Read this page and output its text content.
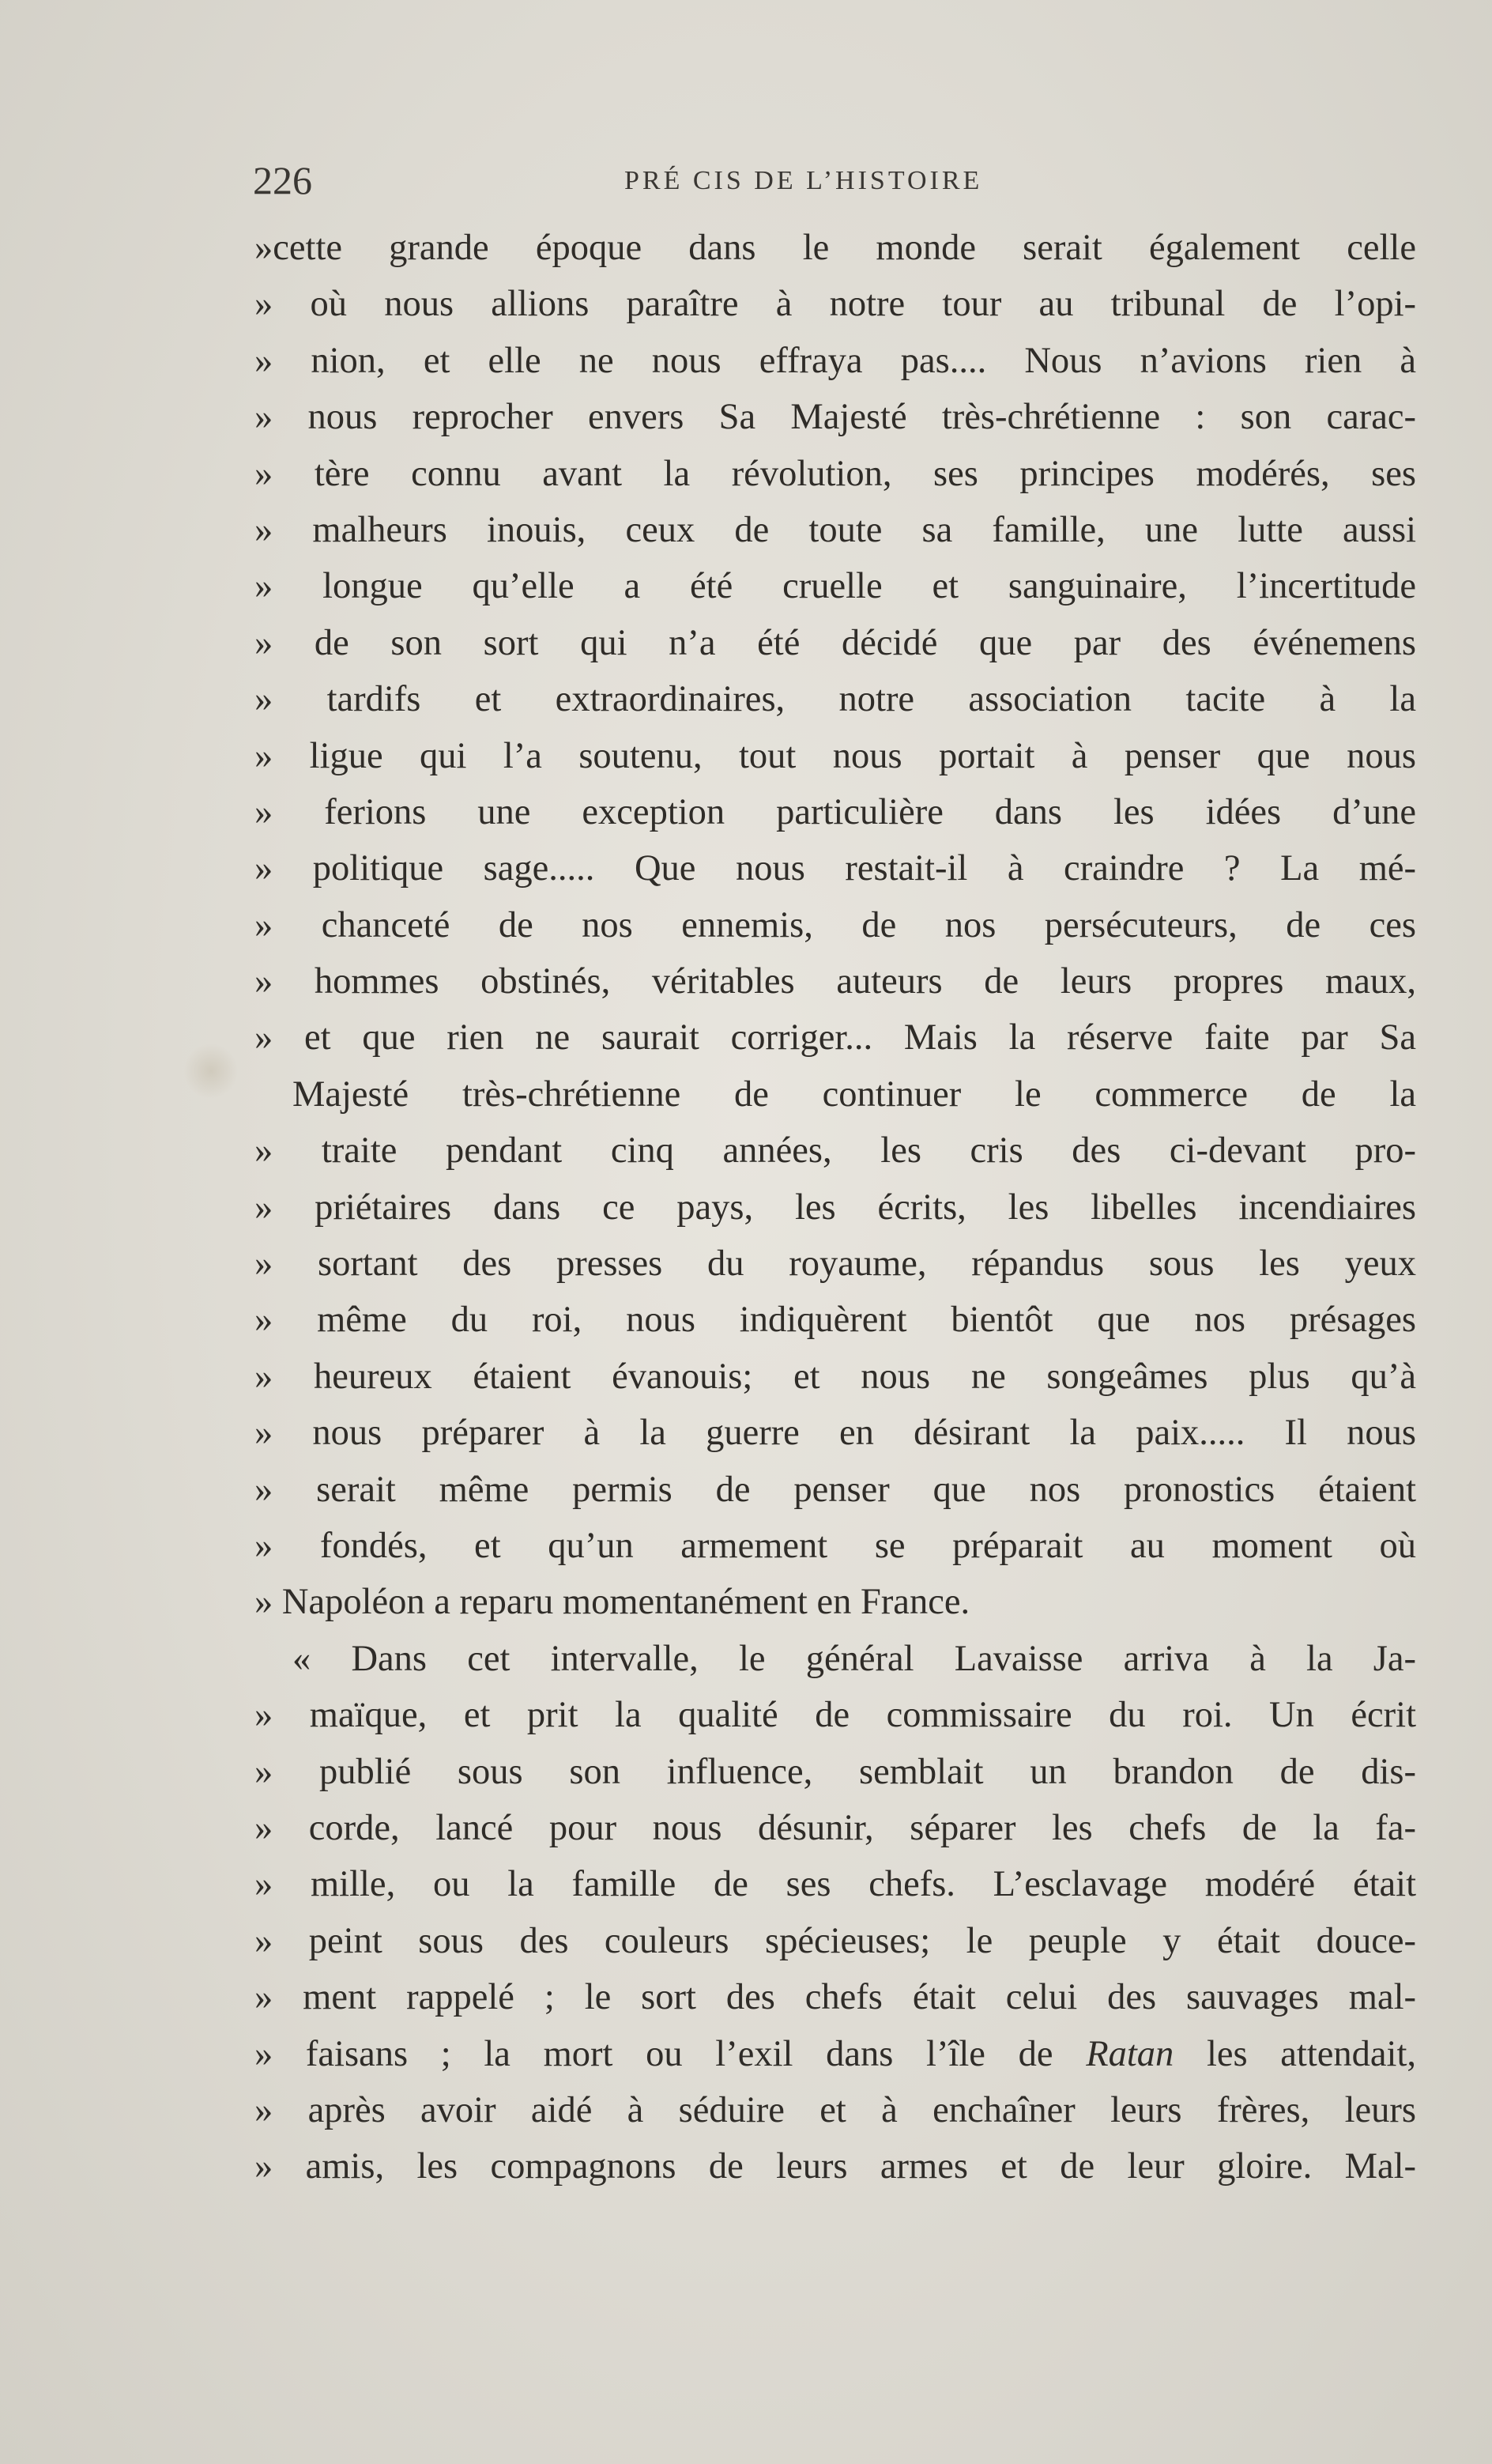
226	PRÉ CIS DE L’HISTOIRE
»cette grande époque dans le monde serait également celle
» où nous allions paraître à notre tour au tribunal de l’opi-
» nion, et elle ne nous effraya pas.... Nous n’avions rien à
» nous reprocher envers Sa Majesté très-chrétienne : son carac-
» tère connu avant la révolution, ses principes modérés, ses
» malheurs inouis, ceux de toute sa famille, une lutte aussi
» longue qu’elle a été cruelle et sanguinaire, l’incertitude
» de son sort qui n’a été décidé que par des événemens
» tardifs et extraordinaires, notre association tacite à la
» ligue qui l’a soutenu, tout nous portait à penser que nous
» ferions une exception particulière dans les idées d’une
» politique sage..... Que nous restait-il à craindre ? La mé-
» chanceté de nos ennemis, de nos persécuteurs, de ces
» hommes obstinés, véritables auteurs de leurs propres maux,
» et que rien ne saurait corriger... Mais la réserve faite par Sa
Majesté très-chrétienne de continuer le commerce de la
» traite pendant cinq années, les cris des ci-devant pro-
» priétaires dans ce pays, les écrits, les libelles incendiaires
» sortant des presses du royaume, répandus sous les yeux
» même du roi, nous indiquèrent bientôt que nos présages
» heureux étaient évanouis; et nous ne songeâmes plus qu’à
» nous préparer à la guerre en désirant la paix..... Il nous
» serait même permis de penser que nos pronostics étaient
» fondés, et qu’un armement se préparait au moment où
» Napoléon a reparu momentanément en France.
« Dans cet intervalle, le général Lavaisse arriva à la Ja-
» maïque, et prit la qualité de commissaire du roi. Un écrit
» publié sous son influence, semblait un brandon de dis-
» corde, lancé pour nous désunir, séparer les chefs de la fa-
» mille, ou la famille de ses chefs. L’esclavage modéré était
» peint sous des couleurs spécieuses; le peuple y était douce-
» ment rappelé ; le sort des chefs était celui des sauvages mal-
» faisans ; la mort ou l’exil dans l’île de Ratan les attendait,
» après avoir aidé à séduire et à enchaîner leurs frères, leurs
» amis, les compagnons de leurs armes et de leur gloire. Mal-
